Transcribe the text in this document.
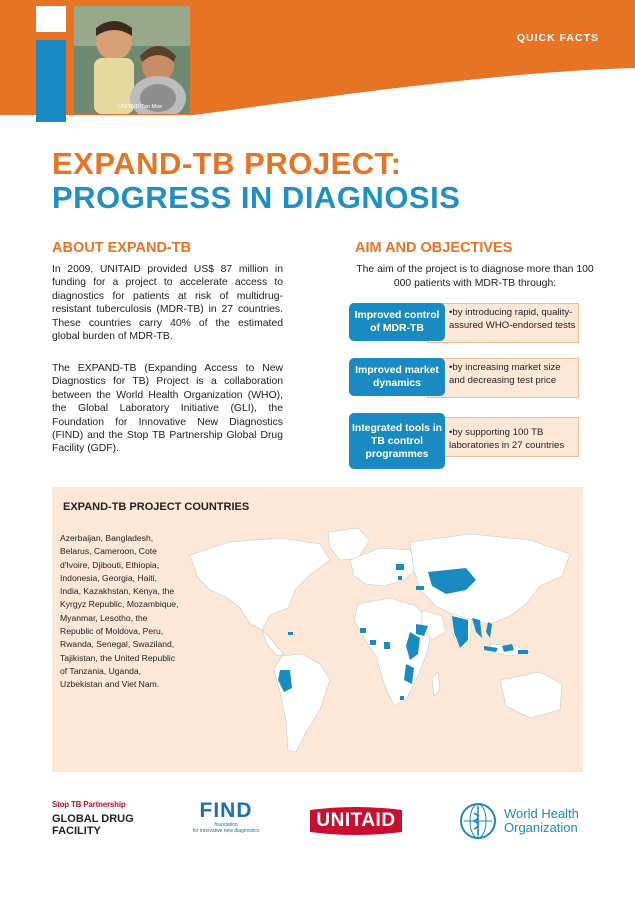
UNITAID/Tan Moe
QUICK FACTS
EXPAND-TB PROJECT:
PROGRESS IN DIAGNOSIS
ABOUT EXPAND-TB

In 2009, UNITAID provided US$ 87 million in funding for a project to accelerate access to diagnostics for patients at risk of multidrug-resistant tuberculosis (MDR-TB) in 27 countries. These countries carry 40% of the estimated global burden of MDR-TB.

The EXPAND-TB (Expanding Access to New Diagnostics for TB) Project is a collaboration between the World Health Organization (WHO), the Global Laboratory Initiative (GLI), the Foundation for Innovative New Diagnostics (FIND) and the Stop TB Partnership Global Drug Facility (GDF).

AIM AND OBJECTIVES

The aim of the project is to diagnose more than 100 000 patients with MDR-TB through:

Improved control of MDR-TB
•by introducing rapid, quality-assured WHO-endorsed tests
Improved market dynamics
•by increasing market size and decreasing test price
Integrated tools in TB control programmes
•by supporting 100 TB laboratories in 27 countries
EXPAND-TB PROJECT COUNTRIES
Azerbaijan, Bangladesh, Belarus, Cameroon, Cote d'Ivoire, Djibouti, Ethiopia, Indonesia, Georgia, Haiti, India, Kazakhstan, Kenya, the Kyrgyz Republic, Mozambique, Myanmar, Lesotho, the Republic of Moldova, Peru, Rwanda, Senegal, Swaziland, Tajikistan, the United Republic of Tanzania, Uganda, Uzbekistan and Viet Nam.
Stop TB Partnership
GLOBAL DRUG
FACILITY
FIND
foundation
for innovative new diagnostics	UNITAID	World Health
Organization
